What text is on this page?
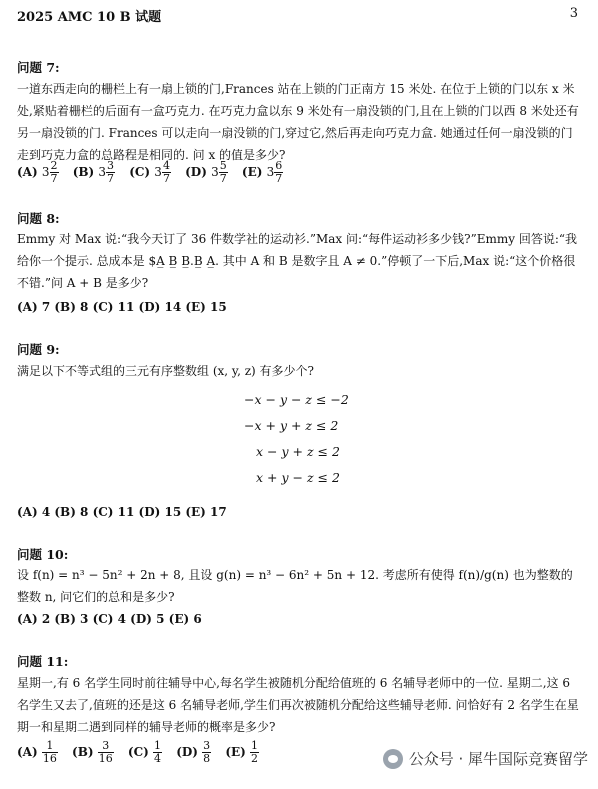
2025 AMC 10 B 试题	3
问题 7:
一道东西走向的栅栏上有一扇上锁的门,Frances 站在上锁的门正南方 15 米处. 在位于上锁的门以东 x 米处,紧贴着栅栏的后面有一盒巧克力. 在巧克力盒以东 9 米处有一扇没锁的门,且在上锁的门以西 8 米处还有另一扇没锁的门. Frances 可以走向一扇没锁的门,穿过它,然后再走向巧克力盒. 她通过任何一扇没锁的门走到巧克力盒的总路程是相同的. 问 x 的值是多少?
(A) $3 \frac{2}{7} (B)$ $3 \frac{3}{7} (C)$ $3 \frac{4}{7} (D)$ $3 \frac{5}{7} (E)$ $3 \frac{6}{7}$
问题 8:
Emmy 对 Max 说:“我今天订了 36 件数学社的运动衫.”Max 问:“每件运动衫多少钱?”Emmy 回答说:“我给你一个提示. 总成本是 $A̲ B̲ B̲.B̲ A̲. 其中 A 和 B 是数字且 A ≠ 0.”停顿了一下后,Max 说:“这个价格很不错.”问 A + B 是多少?
(A) 7 (B) 8 (C) 11 (D) 14 (E) 15
问题 9:
满足以下不等式组的三元有序整数组 (x, y, z) 有多少个?
−x − y − z ≤ −2
−x + y + z ≤ 2
x − y + z ≤ 2
x + y − z ≤ 2
(A) 4 (B) 8 (C) 11 (D) 15 (E) 17
问题 10:
设 f(n) = n³ − 5n² + 2n + 8, 且设 g(n) = n³ − 6n² + 5n + 12. 考虑所有使得 f(n)/g(n) 也为整数的整数 n, 问它们的总和是多少?
(A) 2 (B) 3 (C) 4 (D) 5 (E) 6
问题 11:
星期一,有 6 名学生同时前往辅导中心,每名学生被随机分配给值班的 6 名辅导老师中的一位. 星期二,这 6 名学生又去了,值班的还是这 6 名辅导老师,学生们再次被随机分配给这些辅导老师. 问恰好有 2 名学生在星期一和星期二遇到同样的辅导老师的概率是多少?
$(A) \frac{1}{16} (B) \frac{3}{16} (C) \frac{1}{4} (D) \frac{3}{8} (E) \frac{1}{2}$	公众号 · 犀牛国际竞赛留学
